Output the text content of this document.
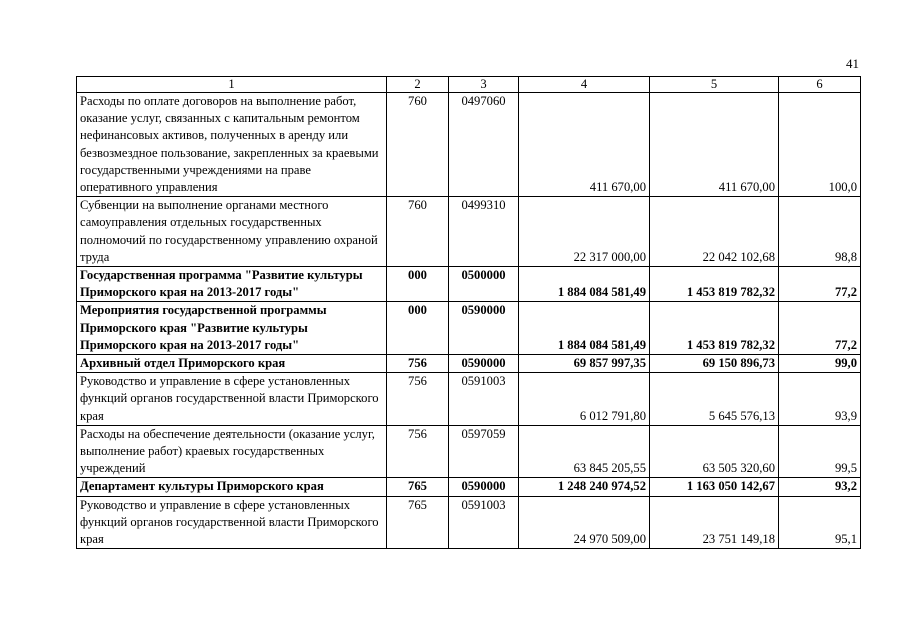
41
1	2	3	4	5	6
Расходы по оплате договоров на выполнение работ, оказание услуг, связанных с капитальным ремонтом нефинансовых активов, полученных в аренду или безвозмездное пользование, закрепленных за краевыми государственными учреждениями на праве оперативного управления	760	0497060	411 670,00	411 670,00	100,0
Субвенции на выполнение органами местного самоуправления отдельных государственных полномочий по государственному управлению охраной труда	760	0499310	22 317 000,00	22 042 102,68	98,8
Государственная программа "Развитие культуры Приморского края на 2013-2017 годы"	000	0500000	1 884 084 581,49	1 453 819 782,32	77,2
Мероприятия государственной программы Приморского края "Развитие культуры Приморского края на 2013-2017 годы"	000	0590000	1 884 084 581,49	1 453 819 782,32	77,2
Архивный отдел Приморского края	756	0590000	69 857 997,35	69 150 896,73	99,0
Руководство и управление в сфере установленных функций органов государственной власти Приморского края	756	0591003	6 012 791,80	5 645 576,13	93,9
Расходы на обеспечение деятельности (оказание услуг, выполнение работ) краевых государственных учреждений	756	0597059	63 845 205,55	63 505 320,60	99,5
Департамент культуры Приморского края	765	0590000	1 248 240 974,52	1 163 050 142,67	93,2
Руководство и управление в сфере установленных функций органов государственной власти Приморского края	765	0591003	24 970 509,00	23 751 149,18	95,1
